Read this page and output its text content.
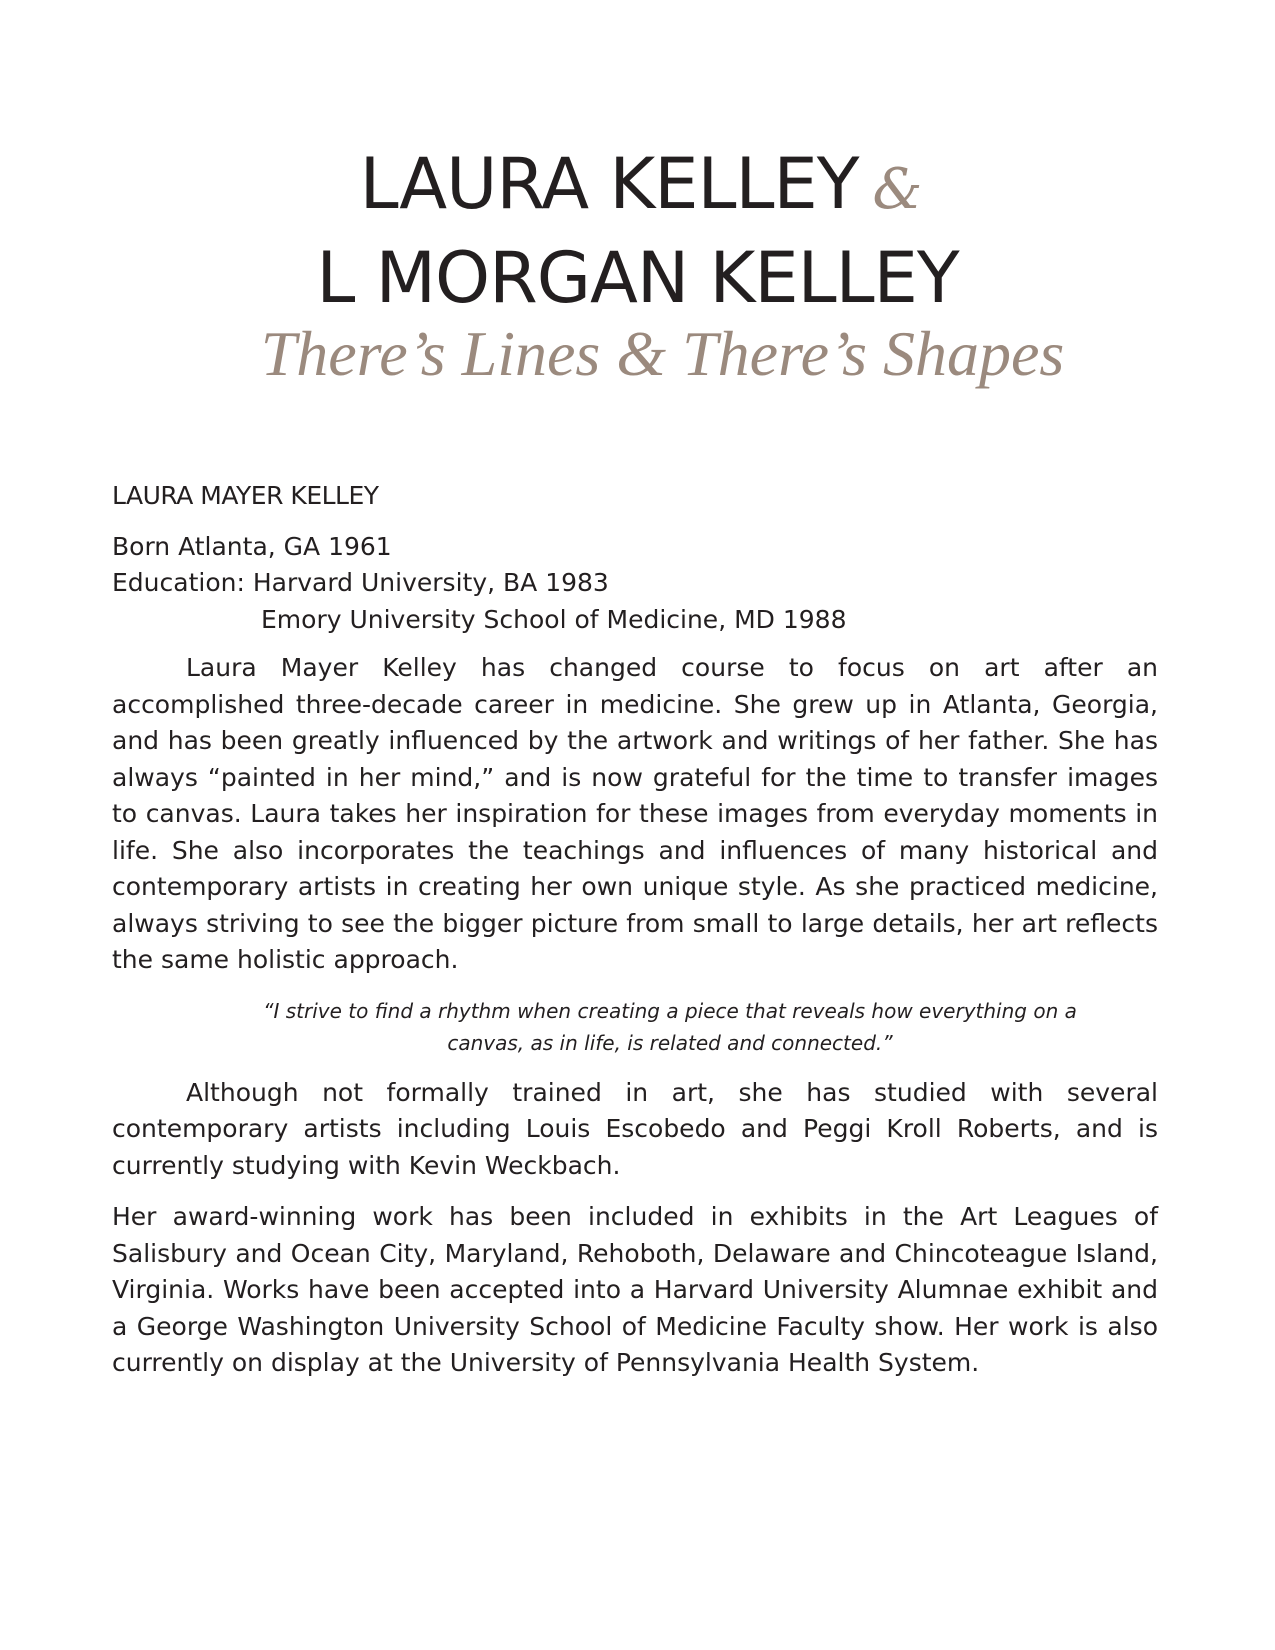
LAURA KELLEY &
L MORGAN KELLEY
There’s Lines & There’s Shapes
LAURA MAYER KELLEY

Born Atlanta, GA 1961

Education: Harvard University, BA 1983

Emory University School of Medicine, MD 1988

Laura Mayer Kelley has changed course to focus on art after an accomplished three-decade career in medicine. She grew up in Atlanta, Georgia, and has been greatly influenced by the artwork and writings of her father. She has always “painted in her mind,” and is now grateful for the time to transfer images to canvas. Laura takes her inspiration for these images from everyday moments in life. She also incorporates the teachings and influences of many historical and contemporary artists in creating her own unique style. As she practiced medicine, always striving to see the bigger picture from small to large details, her art reflects the same holistic approach.

“I strive to find a rhythm when creating a piece that reveals how everything on a canvas, as in life, is related and connected.”

Although not formally trained in art, she has studied with several contemporary artists including Louis Escobedo and Peggi Kroll Roberts, and is currently studying with Kevin Weckbach.

Her award-winning work has been included in exhibits in the Art Leagues of Salisbury and Ocean City, Maryland, Rehoboth, Delaware and Chincoteague Island, Virginia. Works have been accepted into a Harvard University Alumnae exhibit and a George Washington University School of Medicine Faculty show. Her work is also currently on display at the University of Pennsylvania Health System.
